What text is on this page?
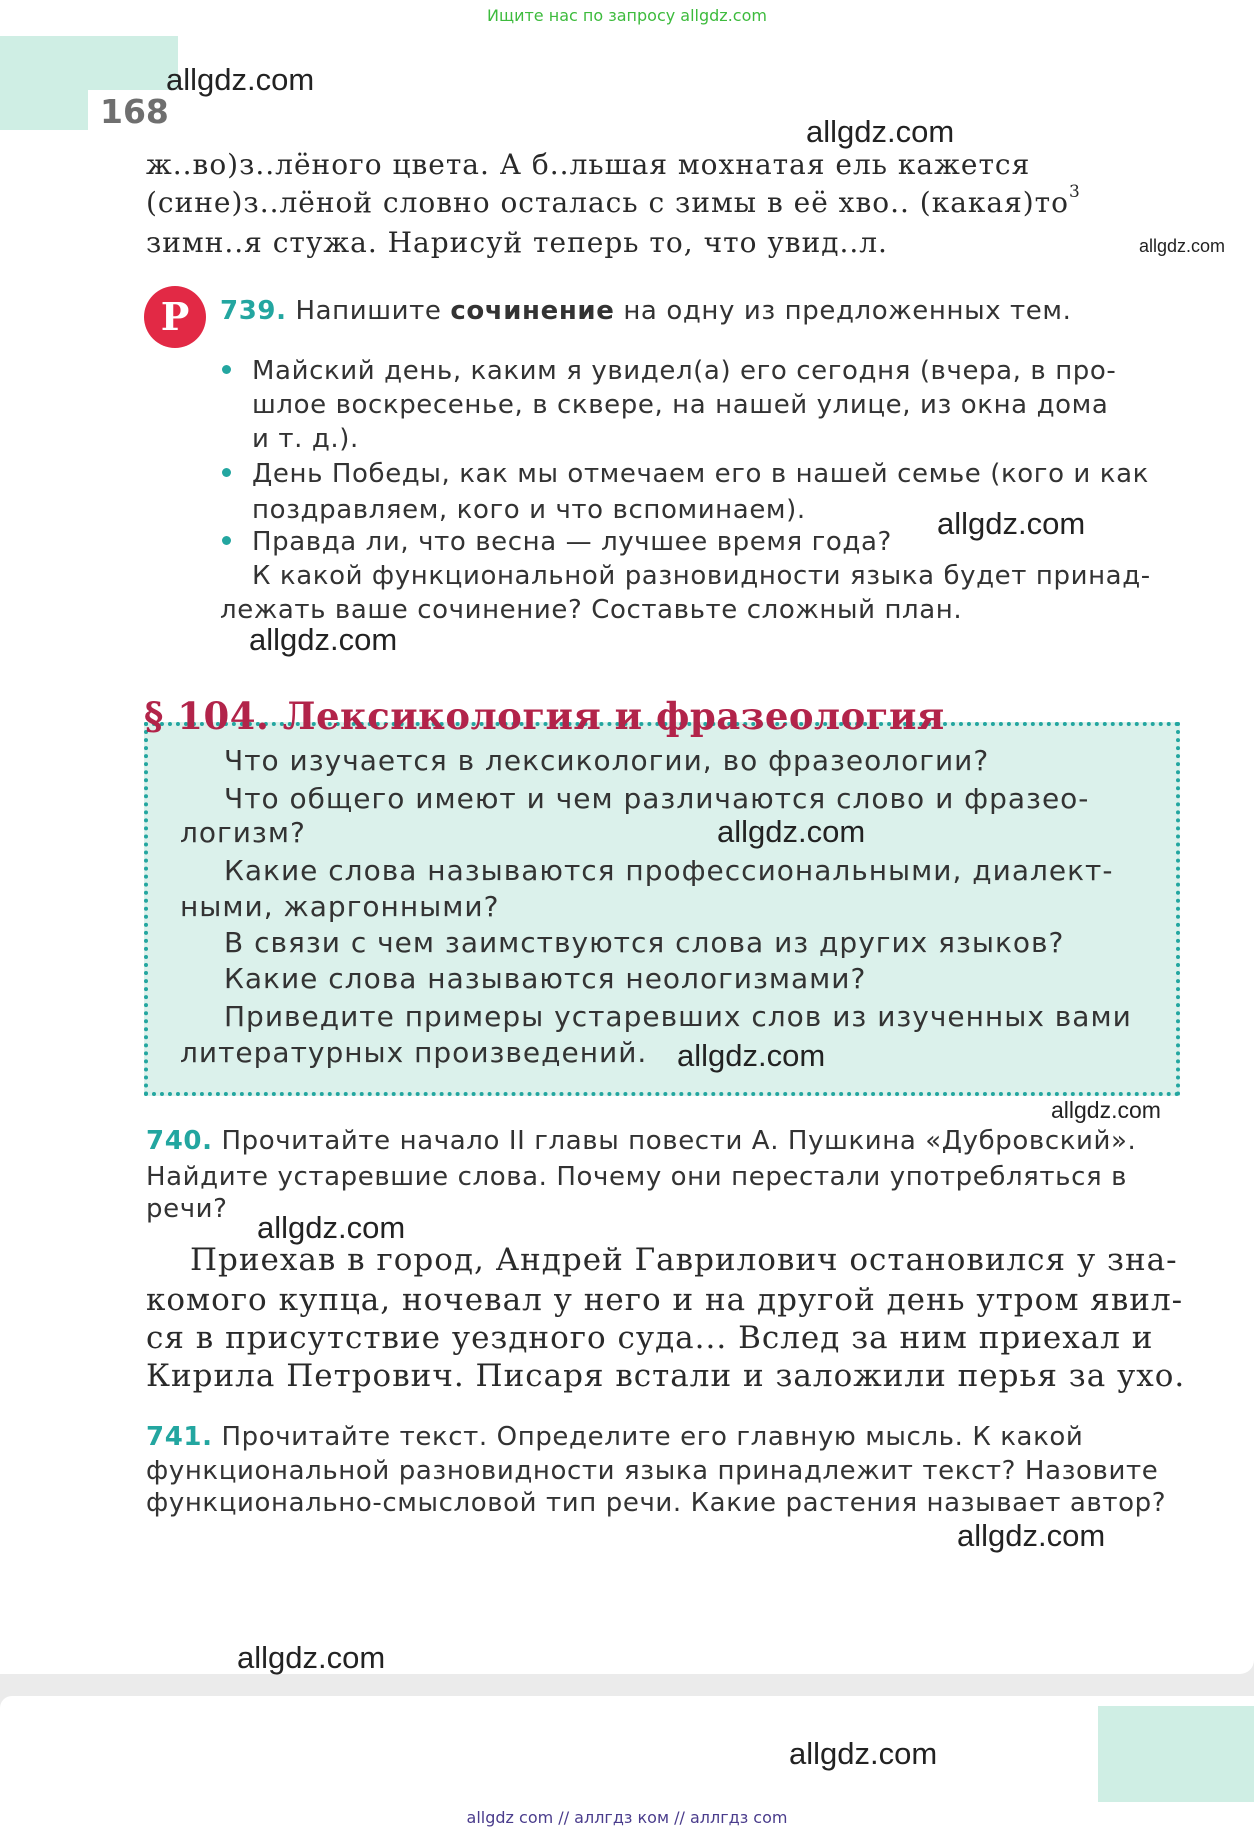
Ищите нас по запросу allgdz.com
168
ж..во)з..лёного цвета. А б..льшая мохнатая ель кажется
(сине)з..лёной словно осталась с зимы в её хво.. $(какая)то^3$
зимн..я стужа. Нарисуй теперь то, что увид..л.
Р	739. Напишите сочинение на одну из предложенных тем.
Майский день, каким я увидел(а) его сегодня (вчера, в про-
шлое воскресенье, в сквере, на нашей улице, из окна дома
и т. д.).
День Победы, как мы отмечаем его в нашей семье (кого и как
поздравляем, кого и что вспоминаем).
Правда ли, что весна — лучшее время года?
К какой функциональной разновидности языка будет принад-
лежать ваше сочинение? Составьте сложный план.
§ 104. Лексикология и фразеология
Что изучается в лексикологии, во фразеологии?
Что общего имеют и чем различаются слово и фразео-
логизм?
Какие слова называются профессиональными, диалект-
ными, жаргонными?
В связи с чем заимствуются слова из других языков?
Какие слова называются неологизмами?
Приведите примеры устаревших слов из изученных вами
литературных произведений.
740. Прочитайте начало II главы повести А. Пушкина «Дубровский».
Найдите устаревшие слова. Почему они перестали употребляться в
речи?
Приехав в город, Андрей Гаврилович остановился у зна-
комого купца, ночевал у него и на другой день утром явил-
ся в присутствие уездного суда... Вслед за ним приехал и
Кирила Петрович. Писаря встали и заложили перья за ухо.
741. Прочитайте текст. Определите его главную мысль. К какой
функциональной разновидности языка принадлежит текст? Назовите
функционально-смысловой тип речи. Какие растения называет автор?
allgdz.com
allgdz.com
allgdz.com
allgdz.com
allgdz.com
allgdz.com
allgdz.com
allgdz.com
allgdz.com
allgdz.com
allgdz.com
allgdz.com
allgdz com // аллгдз ком // аллгдз com
